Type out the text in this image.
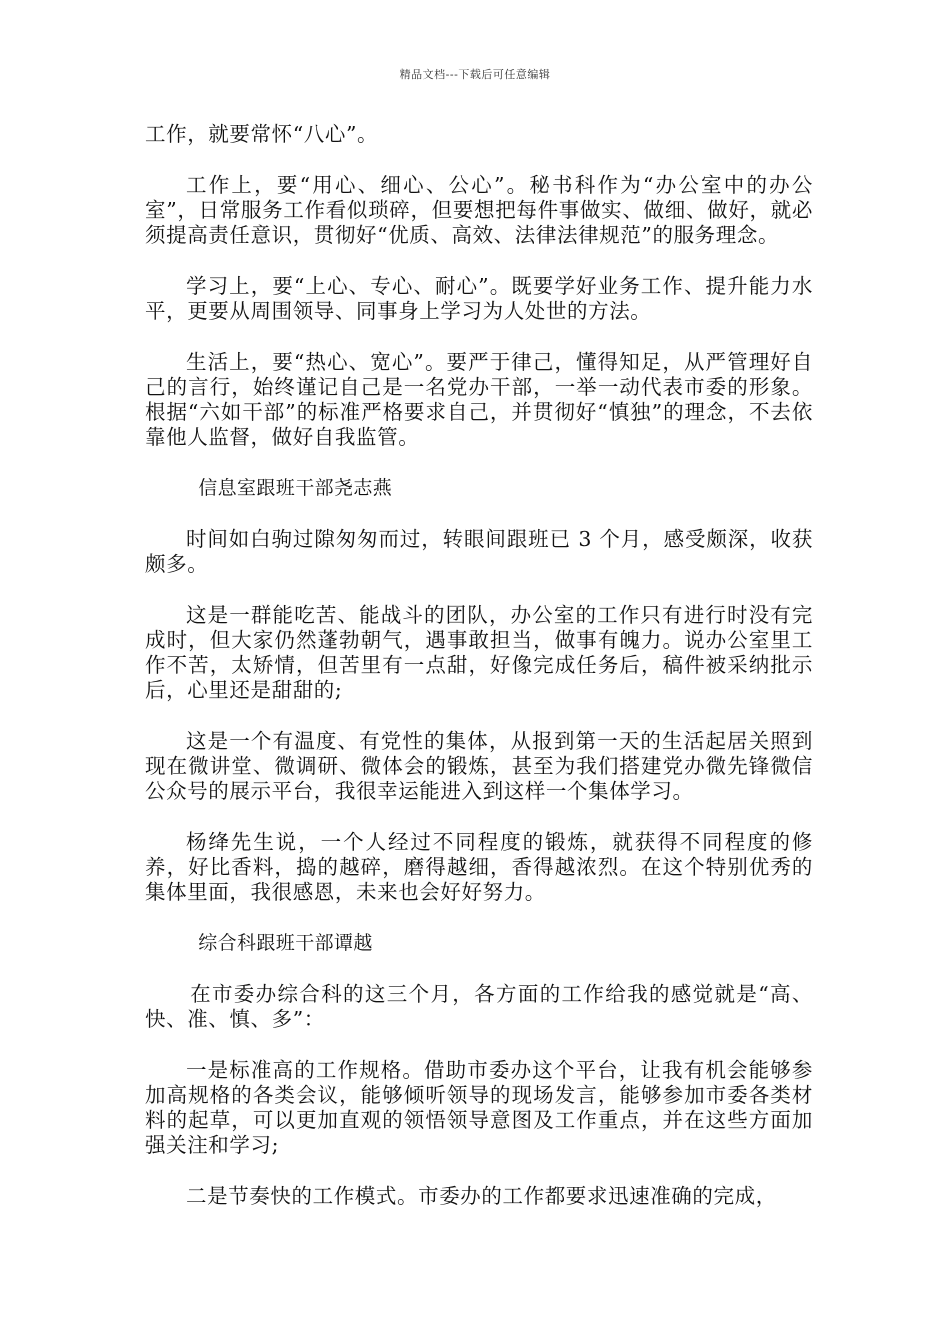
精品文档---下载后可任意编辑

工作，就要常怀“八心”。

工作上，要“用心、细心、公心”。秘书科作为“办公室中的办公室”，日常服务工作看似琐碎，但要想把每件事做实、做细、做好，就必须提高责任意识，贯彻好“优质、高效、法律法律规范”的服务理念。

学习上，要“上心、专心、耐心”。既要学好业务工作、提升能力水平，更要从周围领导、同事身上学习为人处世的方法。

生活上，要“热心、宽心”。要严于律己，懂得知足，从严管理好自己的言行，始终谨记自己是一名党办干部，一举一动代表市委的形象。根据“六如干部”的标准严格要求自己，并贯彻好“慎独”的理念，不去依靠他人监督，做好自我监管。

信息室跟班干部尧志燕

时间如白驹过隙匆匆而过，转眼间跟班已 3 个月，感受颇深，收获颇多。

这是一群能吃苦、能战斗的团队，办公室的工作只有进行时没有完成时，但大家仍然蓬勃朝气，遇事敢担当，做事有魄力。说办公室里工作不苦，太矫情，但苦里有一点甜，好像完成任务后，稿件被采纳批示后，心里还是甜甜的;

这是一个有温度、有党性的集体，从报到第一天的生活起居关照到现在微讲堂、微调研、微体会的锻炼，甚至为我们搭建党办微先锋微信公众号的展示平台，我很幸运能进入到这样一个集体学习。

杨绛先生说，一个人经过不同程度的锻炼，就获得不同程度的修养，好比香料，捣的越碎，磨得越细，香得越浓烈。在这个特别优秀的集体里面，我很感恩，未来也会好好努力。

综合科跟班干部谭越

在市委办综合科的这三个月，各方面的工作给我的感觉就是“高、快、准、慎、多”：

一是标准高的工作规格。借助市委办这个平台，让我有机会能够参加高规格的各类会议，能够倾听领导的现场发言，能够参加市委各类材料的起草，可以更加直观的领悟领导意图及工作重点，并在这些方面加强关注和学习;

二是节奏快的工作模式。市委办的工作都要求迅速准确的完成，
